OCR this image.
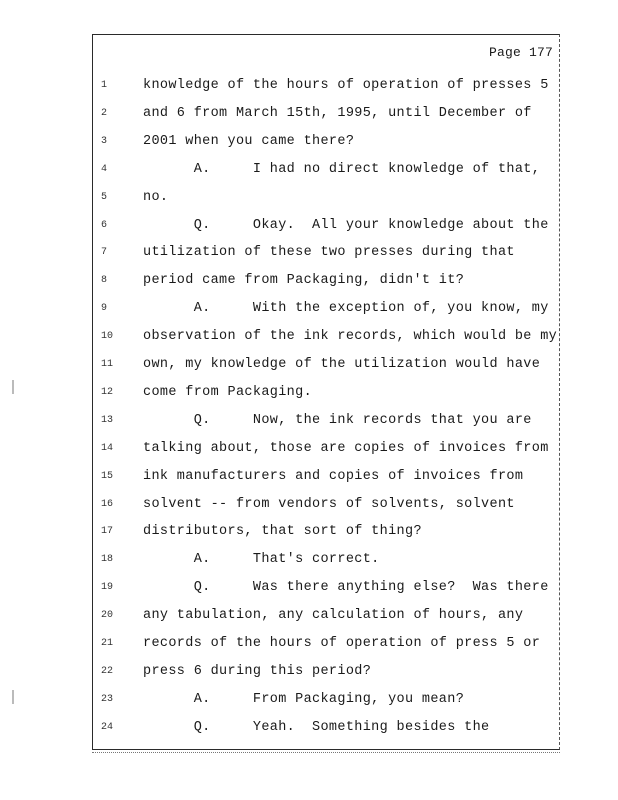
Page 177
1	knowledge of the hours of operation of presses 5
2	and 6 from March 15th, 1995, until December of
3	2001 when you came there?
4	A.     I had no direct knowledge of that,
5	no.
6	Q.     Okay.  All your knowledge about the
7	utilization of these two presses during that
8	period came from Packaging, didn't it?
9	A.     With the exception of, you know, my
10	observation of the ink records, which would be my
11	own, my knowledge of the utilization would have
12	come from Packaging.
13	Q.     Now, the ink records that you are
14	talking about, those are copies of invoices from
15	ink manufacturers and copies of invoices from
16	solvent -- from vendors of solvents, solvent
17	distributors, that sort of thing?
18	A.     That's correct.
19	Q.     Was there anything else?  Was there
20	any tabulation, any calculation of hours, any
21	records of the hours of operation of press 5 or
22	press 6 during this period?
23	A.     From Packaging, you mean?
24	Q.     Yeah.  Something besides the
